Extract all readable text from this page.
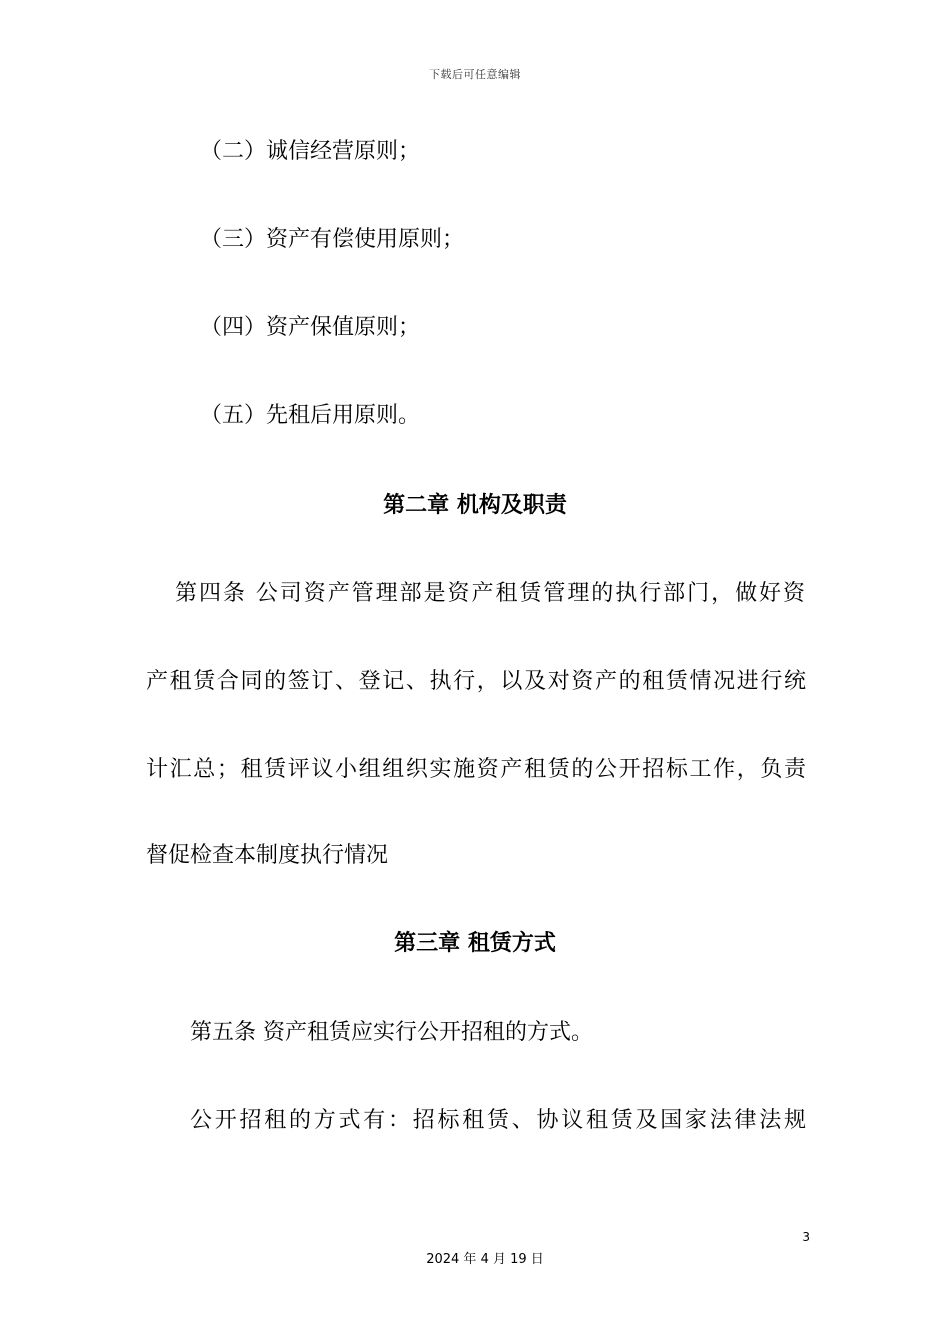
下载后可任意编辑
（二）诚信经营原则；
（三）资产有偿使用原则；
（四）资产保值原则；
（五）先租后用原则。
第二章 机构及职责
第四条 公司资产管理部是资产租赁管理的执行部门，做好资
产租赁合同的签订、登记、执行，以及对资产的租赁情况进行统
计汇总；租赁评议小组组织实施资产租赁的公开招标工作，负责
督促检查本制度执行情况
第三章 租赁方式
第五条 资产租赁应实行公开招租的方式。
公开招租的方式有：招标租赁、协议租赁及国家法律法规
3
2024 年 4 月 19 日
